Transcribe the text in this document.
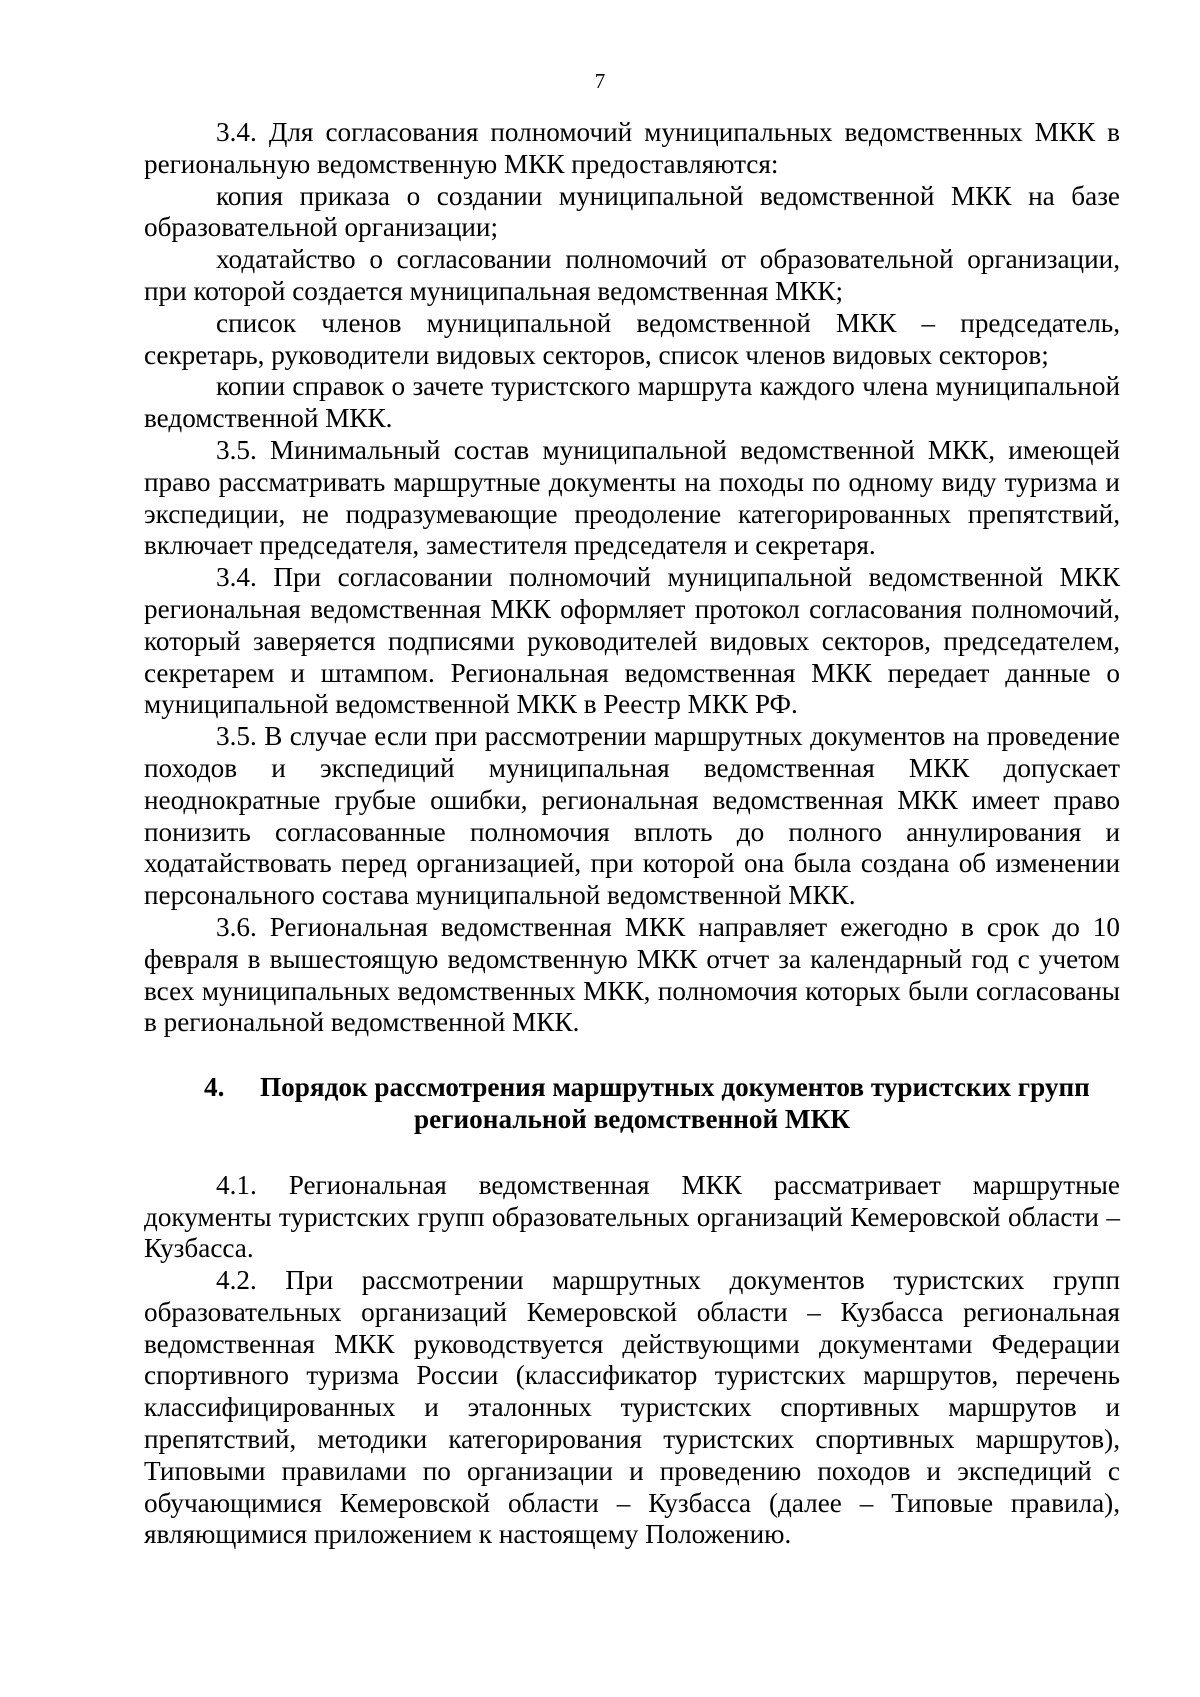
7

3.4. Для согласования полномочий муниципальных ведомственных МКК в региональную ведомственную МКК предоставляются:

копия приказа о создании муниципальной ведомственной МКК на базе образовательной организации;

ходатайство о согласовании полномочий от образовательной организации, при которой создается муниципальная ведомственная МКК;

список членов муниципальной ведомственной МКК – председатель, секретарь, руководители видовых секторов, список членов видовых секторов;

копии справок о зачете туристского маршрута каждого члена муниципальной ведомственной МКК.

3.5. Минимальный состав муниципальной ведомственной МКК, имеющей право рассматривать маршрутные документы на походы по одному виду туризма и экспедиции, не подразумевающие преодоление категорированных препятствий, включает председателя, заместителя председателя и секретаря.

3.4. При согласовании полномочий муниципальной ведомственной МКК региональная ведомственная МКК оформляет протокол согласования полномочий, который заверяется подписями руководителей видовых секторов, председателем, секретарем и штампом. Региональная ведомственная МКК передает данные о муниципальной ведомственной МКК в Реестр МКК РФ.

3.5. В случае если при рассмотрении маршрутных документов на проведение походов и экспедиций муниципальная ведомственная МКК допускает неоднократные грубые ошибки, региональная ведомственная МКК имеет право понизить согласованные полномочия вплоть до полного аннулирования и ходатайствовать перед организацией, при которой она была создана об изменении персонального состава муниципальной ведомственной МКК.

3.6. Региональная ведомственная МКК направляет ежегодно в срок до 10 февраля в вышестоящую ведомственную МКК отчет за календарный год с учетом всех муниципальных ведомственных МКК, полномочия которых были согласованы в региональной ведомственной МКК.

4. Порядок рассмотрения маршрутных документов туристских групп
региональной ведомственной МКК

4.1. Региональная ведомственная МКК рассматривает маршрутные документы туристских групп образовательных организаций Кемеровской области – Кузбасса.

4.2. При рассмотрении маршрутных документов туристских групп образовательных организаций Кемеровской области – Кузбасса региональная ведомственная МКК руководствуется действующими документами Федерации спортивного туризма России (классификатор туристских маршрутов, перечень классифицированных и эталонных туристских спортивных маршрутов и препятствий, методики категорирования туристских спортивных маршрутов), Типовыми правилами по организации и проведению походов и экспедиций с обучающимися Кемеровской области – Кузбасса (далее – Типовые правила), являющимися приложением к настоящему Положению.
